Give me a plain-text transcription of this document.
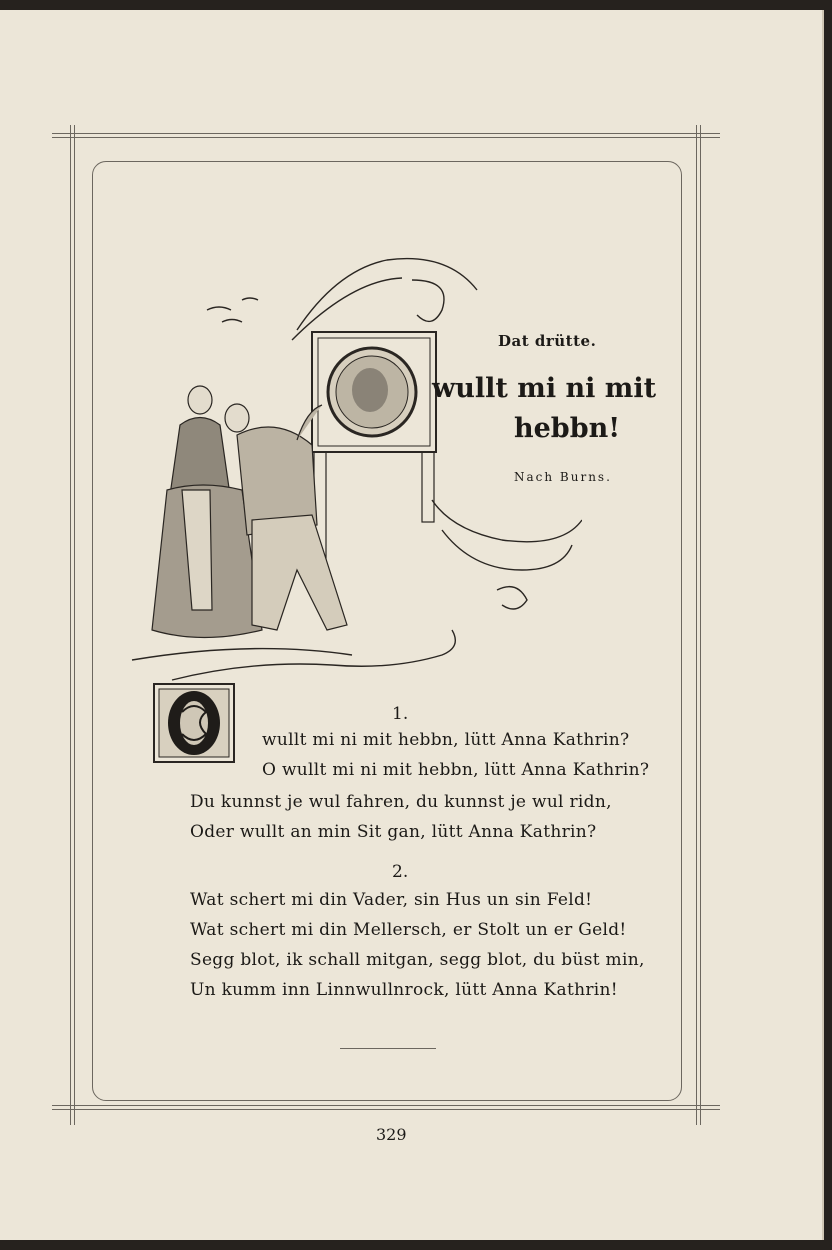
Dat drütte.
wullt mi ni mit
hebbn!
Nach Burns.
1.
wullt mi ni mit hebbn, lütt Anna Kathrin?
O wullt mi ni mit hebbn, lütt Anna Kathrin?
Du kunnst je wul fahren, du kunnst je wul ridn,
Oder wullt an min Sit gan, lütt Anna Kathrin?
2.
Wat schert mi din Vader, sin Hus un sin Feld!
Wat schert mi din Mellersch, er Stolt un er Geld!
Segg blot, ik schall mitgan, segg blot, du büst min,
Un kumm inn Linnwullnrock, lütt Anna Kathrin!
329
